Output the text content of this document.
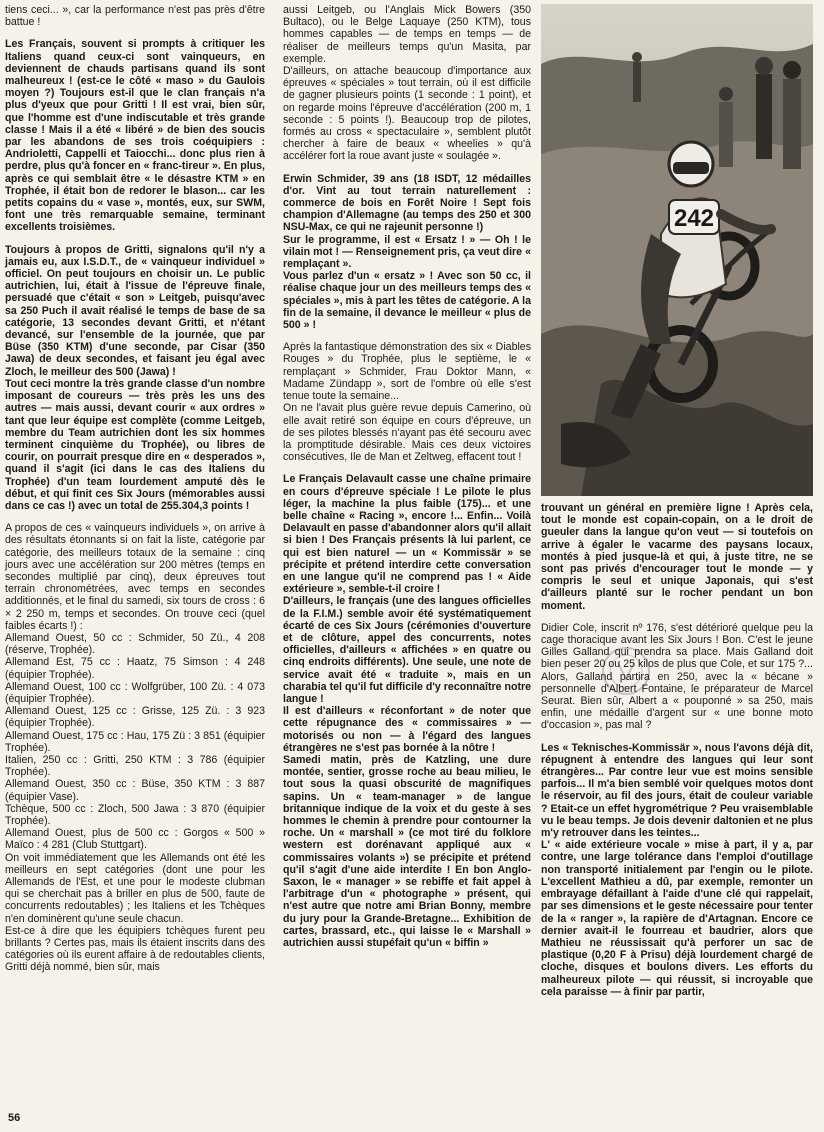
tiens ceci... », car la performance n'est pas près d'être battue !

Les Français, souvent si prompts à critiquer les Italiens quand ceux-ci sont vainqueurs, en deviennent de chauds partisans quand ils sont malheureux ! (est-ce le côté « maso » du Gaulois moyen ?) Toujours est-il que le clan français n'a plus d'yeux que pour Gritti ! Il est vrai, bien sûr, que l'homme est d'une indiscutable et très grande classe ! Mais il a été « libéré » de bien des soucis par les abandons de ses trois coéquipiers : Andrioletti, Cappelli et Taiocchi... donc plus rien à perdre, plus qu'à foncer en « franc-tireur ». En plus, après ce qui semblait être « le désastre KTM » en Trophée, il était bon de redorer le blason... car les petits copains du « vase », montés, eux, sur SWM, font une très remarquable semaine, terminant excellents troisièmes.

Toujours à propos de Gritti, signalons qu'il n'y a jamais eu, aux I.S.D.T., de « vainqueur individuel » officiel. On peut toujours en choisir un. Le public autrichien, lui, était à l'issue de l'épreuve finale, persuadé que c'était « son » Leitgeb, puisqu'avec sa 250 Puch il avait réalisé le temps de base de sa catégorie, 13 secondes devant Gritti, et n'étant devancé, sur l'ensemble de la journée, que par Büse (350 KTM) d'une seconde, par Cisar (350 Jawa) de deux secondes, et faisant jeu égal avec Zloch, le meilleur des 500 (Jawa) !

Tout ceci montre la très grande classe d'un nombre imposant de coureurs — très près les uns des autres — mais aussi, devant courir « aux ordres » tant que leur équipe est complète (comme Leitgeb, membre du Team autrichien dont les six hommes terminent cinquième du Trophée), ou libres de courir, on pourrait presque dire en « desperados », quand il s'agit (ici dans le cas des Italiens du Trophée) d'un team lourdement amputé dès le début, et qui finit ces Six Jours (mémorables aussi dans ce cas !) avec un total de 255.304,3 points !

A propos de ces « vainqueurs individuels », on arrive à des résultats étonnants si on fait la liste, catégorie par catégorie, des meilleurs totaux de la semaine : cinq jours avec une accélération sur 200 mètres (temps en secondes multiplié par cinq), deux épreuves tout terrain chronométrées, avec temps en secondes additionnés, et le final du samedi, six tours de cross : 6 × 2 250 m, temps et secondes. On trouve ceci (quel faibles écarts !) :

Allemand Ouest, 50 cc : Schmider, 50 Zü., 4 208 (réserve, Trophée).
Allemand Est, 75 cc : Haatz, 75 Simson : 4 248 (équipier Trophée).
Allemand Ouest, 100 cc : Wolfgrüber, 100 Zü. : 4 073 (équipier Trophée).
Allemand Ouest, 125 cc : Grisse, 125 Zü. : 3 923 (équipier Trophée).
Allemand Ouest, 175 cc : Hau, 175 Zü : 3 851 (équipier Trophée).
Italien, 250 cc : Gritti, 250 KTM : 3 786 (équipier Trophée).
Allemand Ouest, 350 cc : Büse, 350 KTM : 3 887 (équipier Vase).
Tchèque, 500 cc : Zloch, 500 Jawa : 3 870 (équipier Trophée).
Allemand Ouest, plus de 500 cc : Gorgos « 500 » Maïco : 4 281 (Club Stuttgart).

On voit immédiatement que les Allemands ont été les meilleurs en sept catégories (dont une pour les Allemands de l'Est, et une pour le modeste clubman qui se cherchait pas à briller en plus de 500, faute de concurrents redoutables) ; les Italiens et les Tchèques n'en dominèrent qu'une seule chacun.

Est-ce à dire que les équipiers tchèques furent peu brillants ? Certes pas, mais ils étaient inscrits dans des catégories où ils eurent affaire à de redoutables clients, Gritti déjà nommé, bien sûr, mais

aussi Leitgeb, ou l'Anglais Mick Bowers (350 Bultaco), ou le Belge Laquaye (250 KTM), tous hommes capables — de temps en temps — de réaliser de meilleurs temps qu'un Masita, par exemple.

D'ailleurs, on attache beaucoup d'importance aux épreuves « spéciales » tout terrain, où il est difficile de gagner plusieurs points (1 seconde : 1 point), et on regarde moins l'épreuve d'accélération (200 m, 1 seconde : 5 points !). Beaucoup trop de pilotes, formés au cross « spectaculaire », semblent plutôt chercher à faire de beaux « wheelies » qu'à accélérer fort la roue avant juste « soulagée ».

Erwin Schmider, 39 ans (18 ISDT, 12 médailles d'or. Vint au tout terrain naturellement : commerce de bois en Forêt Noire ! Sept fois champion d'Allemagne (au temps des 250 et 300 NSU-Max, ce qui ne rajeunit personne !)

Sur le programme, il est « Ersatz ! » — Oh ! le vilain mot ! — Renseignement pris, ça veut dire « remplaçant ».

Vous parlez d'un « ersatz » ! Avec son 50 cc, il réalise chaque jour un des meilleurs temps des « spéciales », mis à part les têtes de catégorie. A la fin de la semaine, il devance le meilleur « plus de 500 » !

Après la fantastique démonstration des six « Diables Rouges » du Trophée, plus le septième, le « remplaçant » Schmider, Frau Doktor Mann, « Madame Zündapp », sort de l'ombre où elle s'est tenue toute la semaine...

On ne l'avait plus guère revue depuis Camerino, où elle avait retiré son équipe en cours d'épreuve, un de ses pilotes blessés n'ayant pas été secouru avec la promptitude désirable. Mais ces deux victoires consécutives, Ile de Man et Zeltweg, effacent tout !

Le Français Delavault casse une chaîne primaire en cours d'épreuve spéciale ! Le pilote le plus léger, la machine la plus faible (175)... et une belle chaîne « Racing », encore !... Enfin... Voilà Delavault en passe d'abandonner alors qu'il allait si bien ! Des Français présents là lui parlent, ce qui est bien naturel — un « Kommissär » se précipite et prétend interdire cette conversation en une langue qu'il ne comprend pas ! « Aide extérieure », semble-t-il croire !

D'ailleurs, le français (une des langues officielles de la F.I.M.) semble avoir été systématiquement écarté de ces Six Jours (cérémonies d'ouverture et de clôture, appel des concurrents, notes officielles, d'ailleurs « affichées » en quatre ou cinq endroits différents). Une seule, une note de service avait été « traduite », mais en un charabia tel qu'il fut difficile d'y reconnaître notre langue !

Il est d'ailleurs « réconfortant » de noter que cette répugnance des « commissaires » — motorisés ou non — à l'égard des langues étrangères ne s'est pas bornée à la nôtre !

Samedi matin, près de Katzling, une dure montée, sentier, grosse roche au beau milieu, le tout sous la quasi obscurité de magnifiques sapins. Un « team-manager » de langue britannique indique de la voix et du geste à ses hommes le chemin à prendre pour contourner la roche. Un « marshall » (ce mot tiré du folklore western est dorénavant appliqué aux « commissaires volants ») se précipite et prétend qu'il s'agit d'une aide interdite ! En bon Anglo-Saxon, le « manager » se rebiffe et fait appel à l'arbitrage d'un « photographe » présent, qui n'est autre que notre ami Brian Bonny, membre du jury pour la Grande-Bretagne... Exhibition de cartes, brassard, etc., qui laisse le « Marshall » autrichien aussi stupéfait qu'un « biffin »

242

trouvant un général en première ligne ! Après cela, tout le monde est copain-copain, on a le droit de gueuler dans la langue qu'on veut — si toutefois on arrive à égaler le vacarme des paysans locaux, montés à pied jusque-là et qui, à juste titre, ne se sont pas privés d'encourager tout le monde — y compris le seul et unique Japonais, qui s'est d'ailleurs planté sur le rocher pendant un bon moment.

Didier Cole, inscrit nº 176, s'est détérioré quelque peu la cage thoracique avant les Six Jours ! Bon. C'est le jeune Gilles Galland qui prendra sa place. Mais Galland doit bien peser 20 ou 25 kilos de plus que Cole, et sur 175 ?... Alors, Galland partira en 250, avec la « bécane » personnelle d'Albert Fontaine, le préparateur de Marcel Seurat. Bien sûr, Albert a « pouponné » sa 250, mais enfin, une médaille d'argent sur « une bonne moto d'occasion », pas mal ?

Les « Teknisches-Kommissär », nous l'avons déjà dit, répugnent à entendre des langues qui leur sont étrangères... Par contre leur vue est moins sensible parfois... Il m'a bien semblé voir quelques motos dont le réservoir, au fil des jours, était de couleur variable ? Etait-ce un effet hygrométrique ? Peu vraisemblable vu le beau temps. Je dois devenir daltonien et ne plus m'y retrouver dans les teintes...

L' « aide extérieure vocale » mise à part, il y a, par contre, une large tolérance dans l'emploi d'outillage non transporté initialement par l'engin ou le pilote. L'excellent Mathieu a dû, par exemple, remonter un embrayage défaillant à l'aide d'une clé qui rappelait, par ses dimensions et le geste nécessaire pour tenter de la « ranger », la rapière de d'Artagnan. Encore ce dernier avait-il le fourreau et baudrier, alors que Mathieu ne réussissait qu'à perforer un sac de plastique (0,20 F à Prisu) déjà lourdement chargé de cloche, disques et boulons divers. Les efforts du malheureux pilote — qui réussit, si incroyable que cela paraisse — à finir par partir,

56
